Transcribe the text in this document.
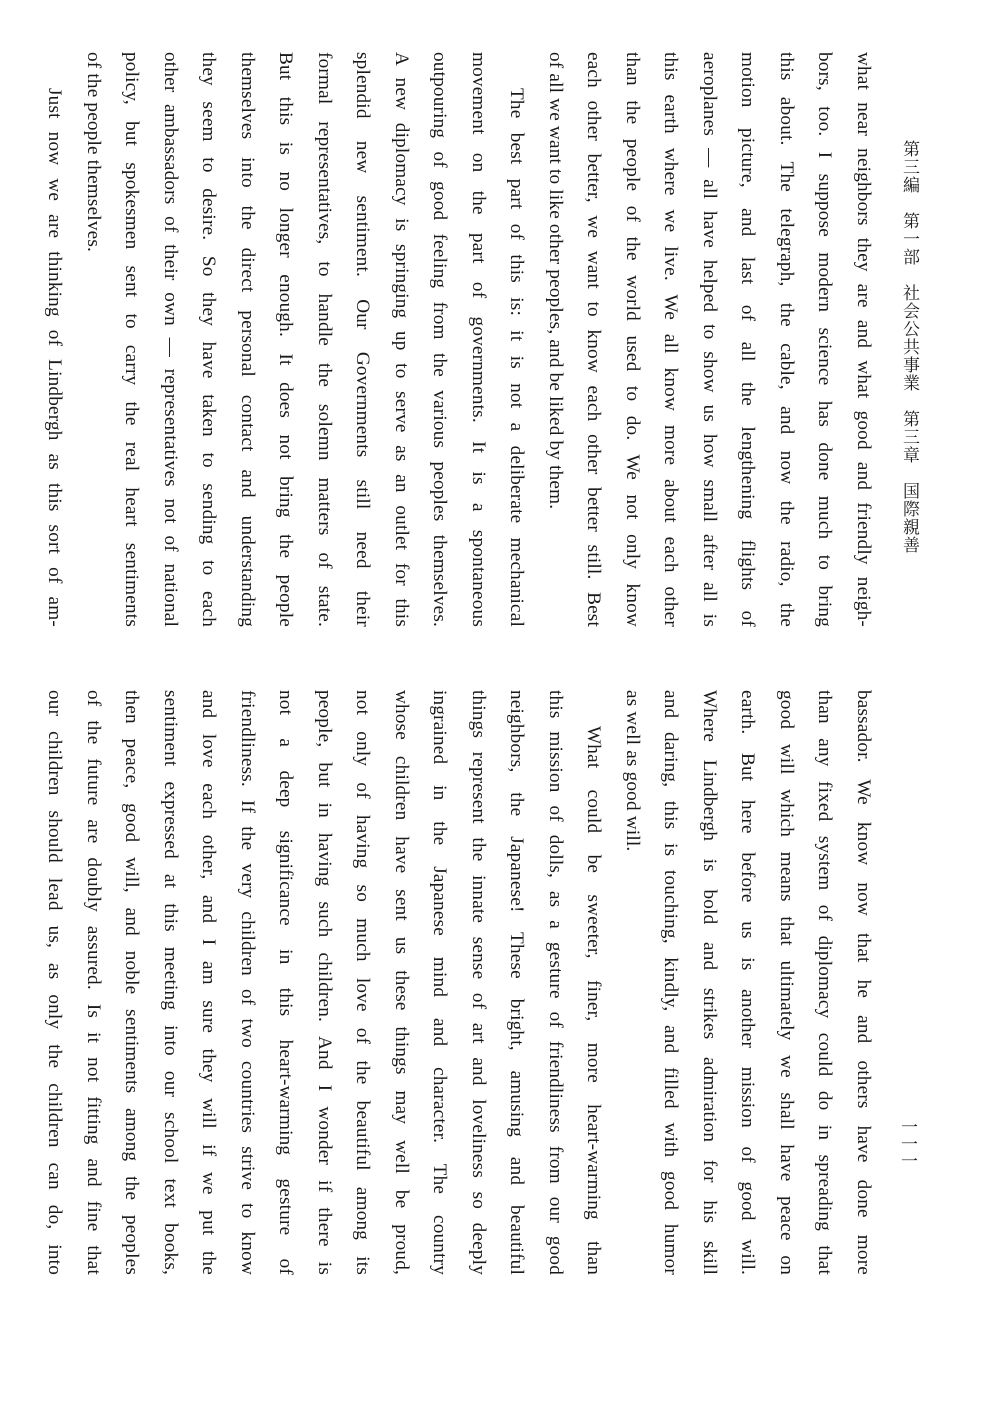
第三編　第一部　社会公共事業　第三章　国際親善
一一一
what near neighbors they are and what good and friendly neigh-
bors, too. I suppose modern science has done much to bring
this about. The telegraph, the cable, and now the radio, the
motion picture, and last of all the lengthening flights of
aeroplanes — all have helped to show us how small after all is
this earth where we live. We all know more about each other
than the people of the world used to do. We not only know
each other better, we want to know each other better still. Best
of all we want to like other peoples, and be liked by them.
The best part of this is: it is not a deliberate mechanical
movement on the part of governments. It is a spontaneous
outpouring of good feeling from the various peoples themselves.
A new diplomacy is springing up to serve as an outlet for this
splendid new sentiment. Our Governments still need their
formal representatives, to handle the solemn matters of state.
But this is no longer enough. It does not bring the people
themselves into the direct personal contact and understanding
they seem to desire. So they have taken to sending to each
other ambassadors of their own — representatives not of national
policy, but spokesmen sent to carry the real heart sentiments
of the people themselves.
Just now we are thinking of Lindbergh as this sort of am-
bassador. We know now that he and others have done more
than any fixed system of diplomacy could do in spreading that
good will which means that ultimately we shall have peace on
earth. But here before us is another mission of good will.
Where Lindbergh is bold and strikes admiration for his skill
and daring, this is touching, kindly, and filled with good humor
as well as good will.
What could be sweeter, finer, more heart-warming than
this mission of dolls, as a gesture of friendliness from our good
neighbors, the Japanese! These bright, amusing and beautiful
things represent the innate sense of art and loveliness so deeply
ingrained in the Japanese mind and character. The country
whose children have sent us these things may well be proud,
not only of having so much love of the beautiful among its
people, but in having such children. And I wonder if there is
not a deep significance in this heart-warming gesture of
friendliness. If the very children of two countries strive to know
and love each other, and I am sure they will if we put the
sentiment expressed at this meeting into our school text books,
then peace, good will, and noble sentiments among the peoples
of the future are doubly assured. Is it not fitting and fine that
our children should lead us, as only the children can do, into
